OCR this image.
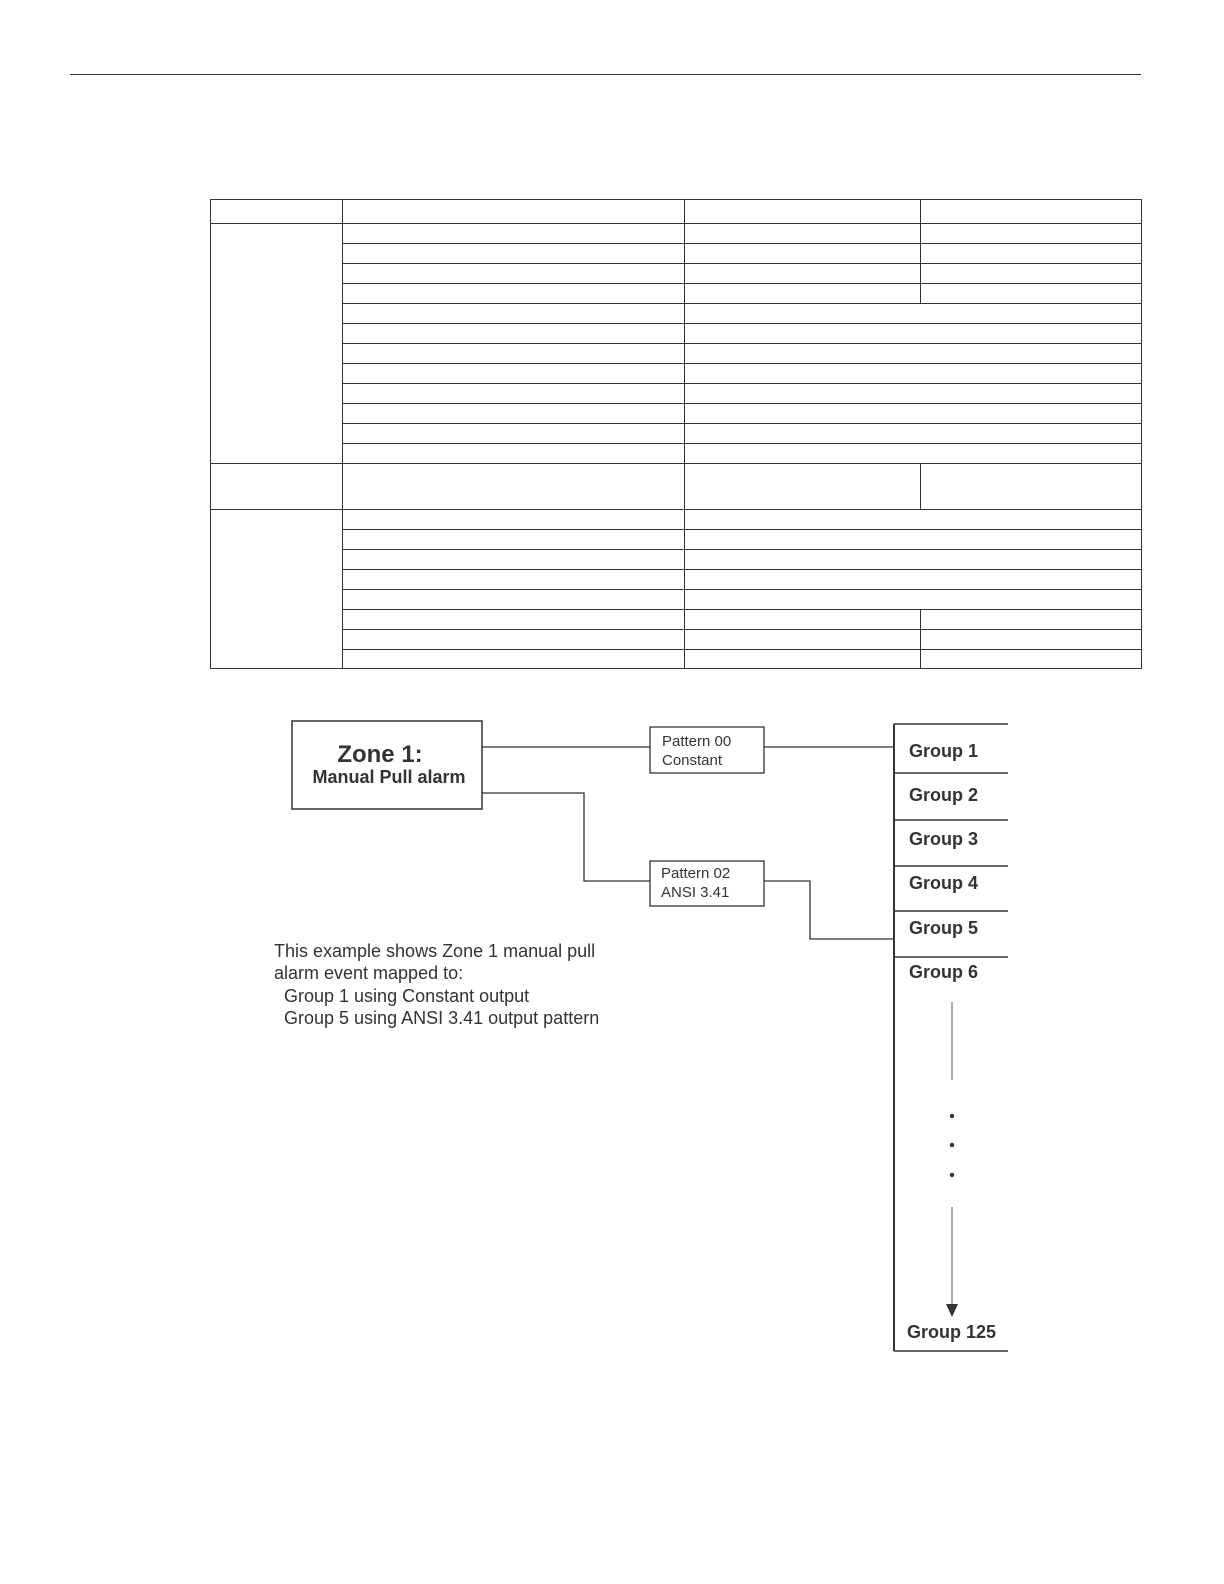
Zone 1:
Manual Pull alarm
Pattern 00
Constant
Pattern 02
ANSI 3.41
Group 1
Group 2
Group 3
Group 4
Group 5
Group 6
Group 125
This example shows Zone 1 manual pull
alarm event mapped to:
Group 1 using Constant output
Group 5 using ANSI 3.41 output pattern
